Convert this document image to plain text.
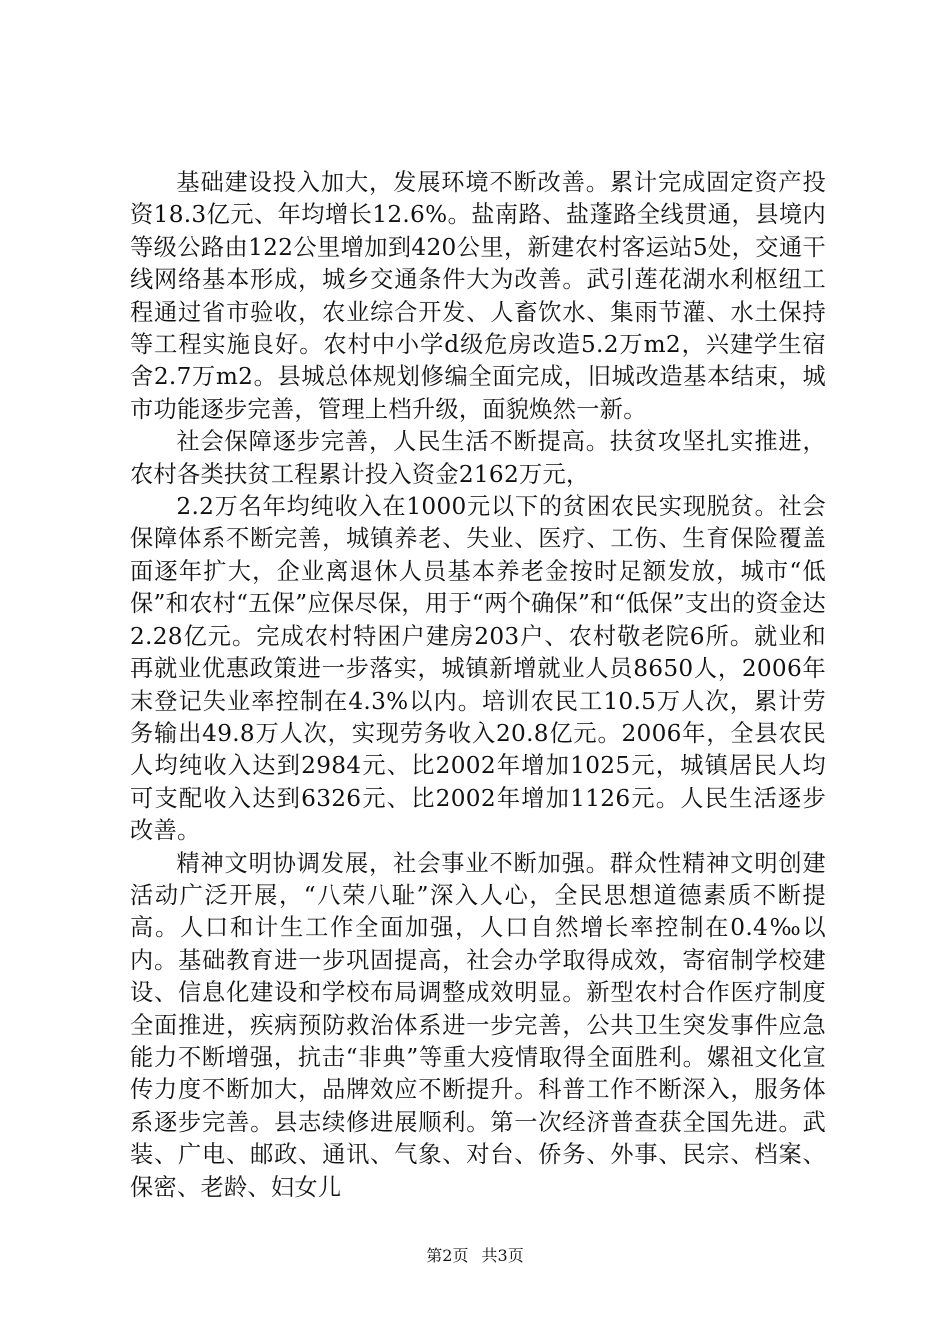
基础建设投入加大，发展环境不断改善。累计完成固定资产投资18.3亿元、年均增长12.6%。盐南路、盐蓬路全线贯通，县境内等级公路由122公里增加到420公里，新建农村客运站5处，交通干线网络基本形成，城乡交通条件大为改善。武引莲花湖水利枢纽工程通过省市验收，农业综合开发、人畜饮水、集雨节灌、水土保持等工程实施良好。农村中小学d级危房改造5.2万m2，兴建学生宿舍2.7万m2。县城总体规划修编全面完成，旧城改造基本结束，城市功能逐步完善，管理上档升级，面貌焕然一新。

社会保障逐步完善，人民生活不断提高。扶贫攻坚扎实推进，农村各类扶贫工程累计投入资金2162万元，

2.2万名年均纯收入在1000元以下的贫困农民实现脱贫。社会保障体系不断完善，城镇养老、失业、医疗、工伤、生育保险覆盖面逐年扩大，企业离退休人员基本养老金按时足额发放，城市“低保”和农村“五保”应保尽保，用于“两个确保”和“低保”支出的资金达2.28亿元。完成农村特困户建房203户、农村敬老院6所。就业和再就业优惠政策进一步落实，城镇新增就业人员8650人，2006年末登记失业率控制在4.3%以内。培训农民工10.5万人次，累计劳务输出49.8万人次，实现劳务收入20.8亿元。2006年，全县农民人均纯收入达到2984元、比2002年增加1025元，城镇居民人均可支配收入达到6326元、比2002年增加1126元。人民生活逐步改善。

精神文明协调发展，社会事业不断加强。群众性精神文明创建活动广泛开展，“八荣八耻”深入人心，全民思想道德素质不断提高。人口和计生工作全面加强，人口自然增长率控制在0.4‰以内。基础教育进一步巩固提高，社会办学取得成效，寄宿制学校建设、信息化建设和学校布局调整成效明显。新型农村合作医疗制度全面推进，疾病预防救治体系进一步完善，公共卫生突发事件应急能力不断增强，抗击“非典”等重大疫情取得全面胜利。嫘祖文化宣传力度不断加大，品牌效应不断提升。科普工作不断深入，服务体系逐步完善。县志续修进展顺利。第一次经济普查获全国先进。武装、广电、邮政、通讯、气象、对台、侨务、外事、民宗、档案、保密、老龄、妇女儿

第2页 共3页
